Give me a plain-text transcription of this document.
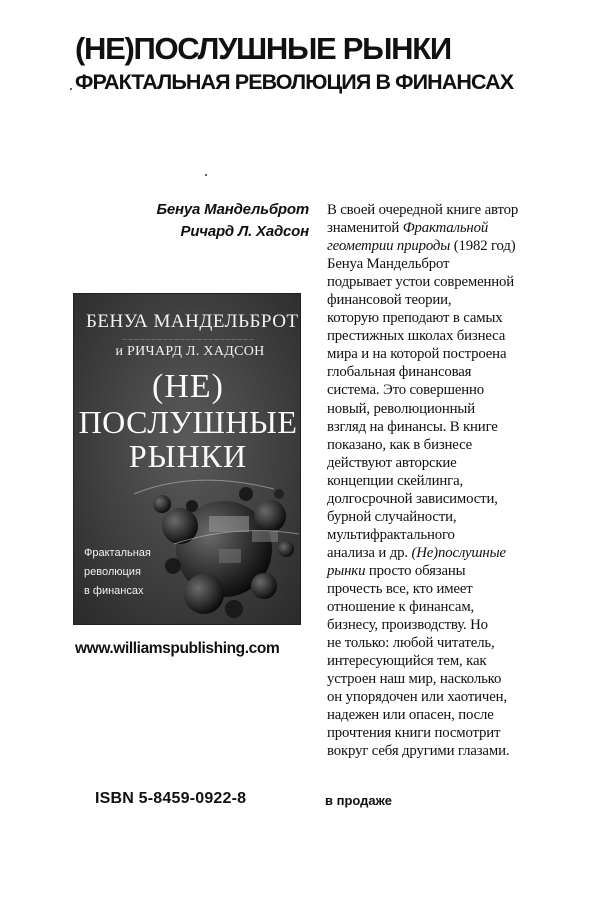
(НЕ)ПОСЛУШНЫЕ РЫНКИ
ФРАКТАЛЬНАЯ РЕВОЛЮЦИЯ В ФИНАНСАХ
Бенуа Мандельброт
Ричард Л. Хадсон
БЕНУА МАНДЕЛЬБРОТ
— — — — — — — — — — — — — — — — — — — — — — —
и РИЧАРД Л. ХАДСОН
(НЕ)
ПОСЛУШНЫЕ
РЫНКИ
Фрактальная
революция
в финансах
www.williamspublishing.com
В своей очередной книге автор
знаменитой Фрактальной
геометрии природы (1982 год)
Бенуа Мандельброт
подрывает устои современной
финансовой теории,
которую преподают в самых
престижных школах бизнеса
мира и на которой построена
глобальная финансовая
система. Это совершенно
новый, революционный
взгляд на финансы. В книге
показано, как в бизнесе
действуют авторские
концепции скейлинга,
долгосрочной зависимости,
бурной случайности,
мультифрактального
анализа и др. (Не)послушные
рынки просто обязаны
прочесть все, кто имеет
отношение к финансам,
бизнесу, производству. Но
не только: любой читатель,
интересующийся тем, как
устроен наш мир, насколько
он упорядочен или хаотичен,
надежен или опасен, после
прочтения книги посмотрит
вокруг себя другими глазами.
ISBN 5-8459-0922-8	в продаже
